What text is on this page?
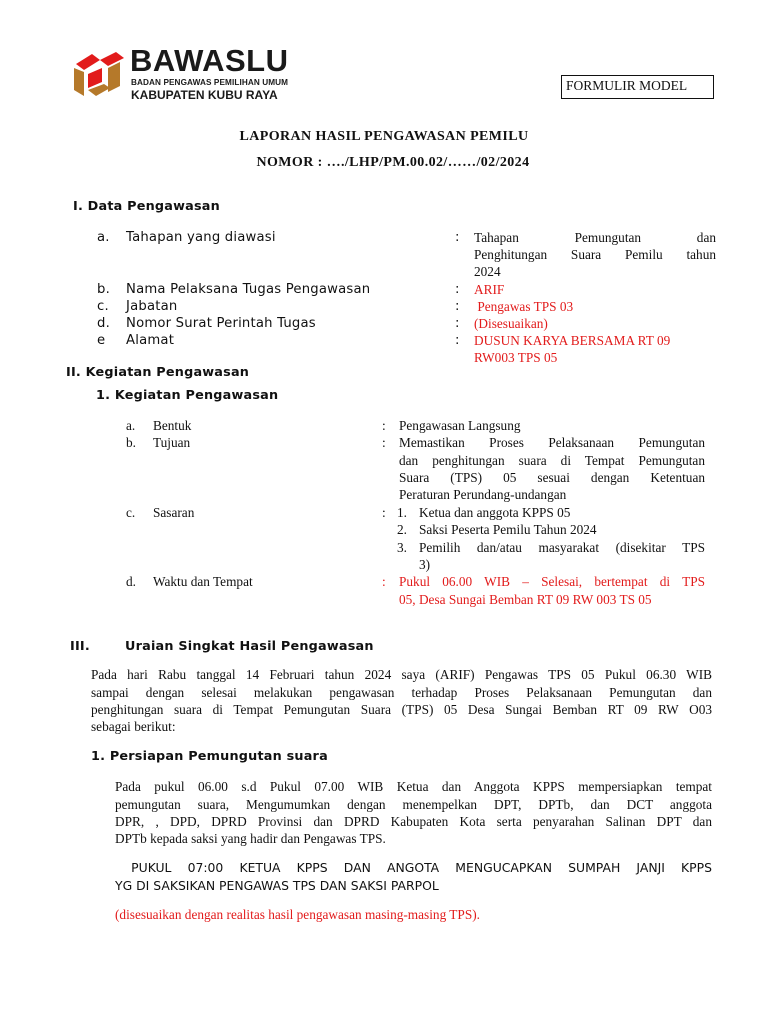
BAWASLU
BADAN PENGAWAS PEMILIHAN UMUM
KABUPATEN KUBU RAYA
FORMULIR MODEL
LAPORAN HASIL PENGAWASAN PEMILU
NOMOR : …./LHP/PM.00.02/……/02/2024
I. Data Pengawasan
a. Tahapan yang diawasi	: Tahapan Pemungutan dan
Penghitungan Suara Pemilu tahun
2024
b. Nama Pelaksana Tugas Pengawasan	: ARIF
c. Jabatan	: Pengawas TPS 03
d. Nomor Surat Perintah Tugas	: (Disesuaikan)
e Alamat	: DUSUN KARYA BERSAMA RT 09
RW003 TPS 05
II. Kegiatan Pengawasan
1. Kegiatan Pengawasan
a. Bentuk	: Pengawasan Langsung
b. Tujuan	: Memastikan Proses Pelaksanaan Pemungutan
dan penghitungan suara di Tempat Pemungutan
Suara (TPS) 05 sesuai dengan Ketentuan
Peraturan Perundang-undangan
c. Sasaran	: 1. Ketua dan anggota KPPS 05
2. Saksi Peserta Pemilu Tahun 2024
3. Pemilih dan/atau masyarakat (disekitar TPS
3)
d. Waktu dan Tempat	: Pukul 06.00 WIB – Selesai, bertempat di TPS
05, Desa Sungai Bemban RT 09 RW 003 TS 05
III.	Uraian Singkat Hasil Pengawasan
Pada hari Rabu tanggal 14 Februari tahun 2024 saya (ARIF) Pengawas TPS 05 Pukul 06.30 WIB
sampai dengan selesai melakukan pengawasan terhadap Proses Pelaksanaan Pemungutan dan
penghitungan suara di Tempat Pemungutan Suara (TPS) 05 Desa Sungai Bemban RT 09 RW O03
sebagai berikut:
1. Persiapan Pemungutan suara
Pada pukul 06.00 s.d Pukul 07.00 WIB Ketua dan Anggota KPPS mempersiapkan tempat
pemungutan suara, Mengumumkan dengan menempelkan DPT, DPTb, dan DCT anggota
DPR, , DPD, DPRD Provinsi dan DPRD Kabupaten Kota serta penyarahan Salinan DPT dan
DPTb kepada saksi yang hadir dan Pengawas TPS.
PUKUL 07:00 KETUA KPPS DAN ANGOTA MENGUCAPKAN SUMPAH JANJI KPPS
YG DI SAKSIKAN PENGAWAS TPS DAN SAKSI PARPOL
(disesuaikan dengan realitas hasil pengawasan masing-masing TPS).
